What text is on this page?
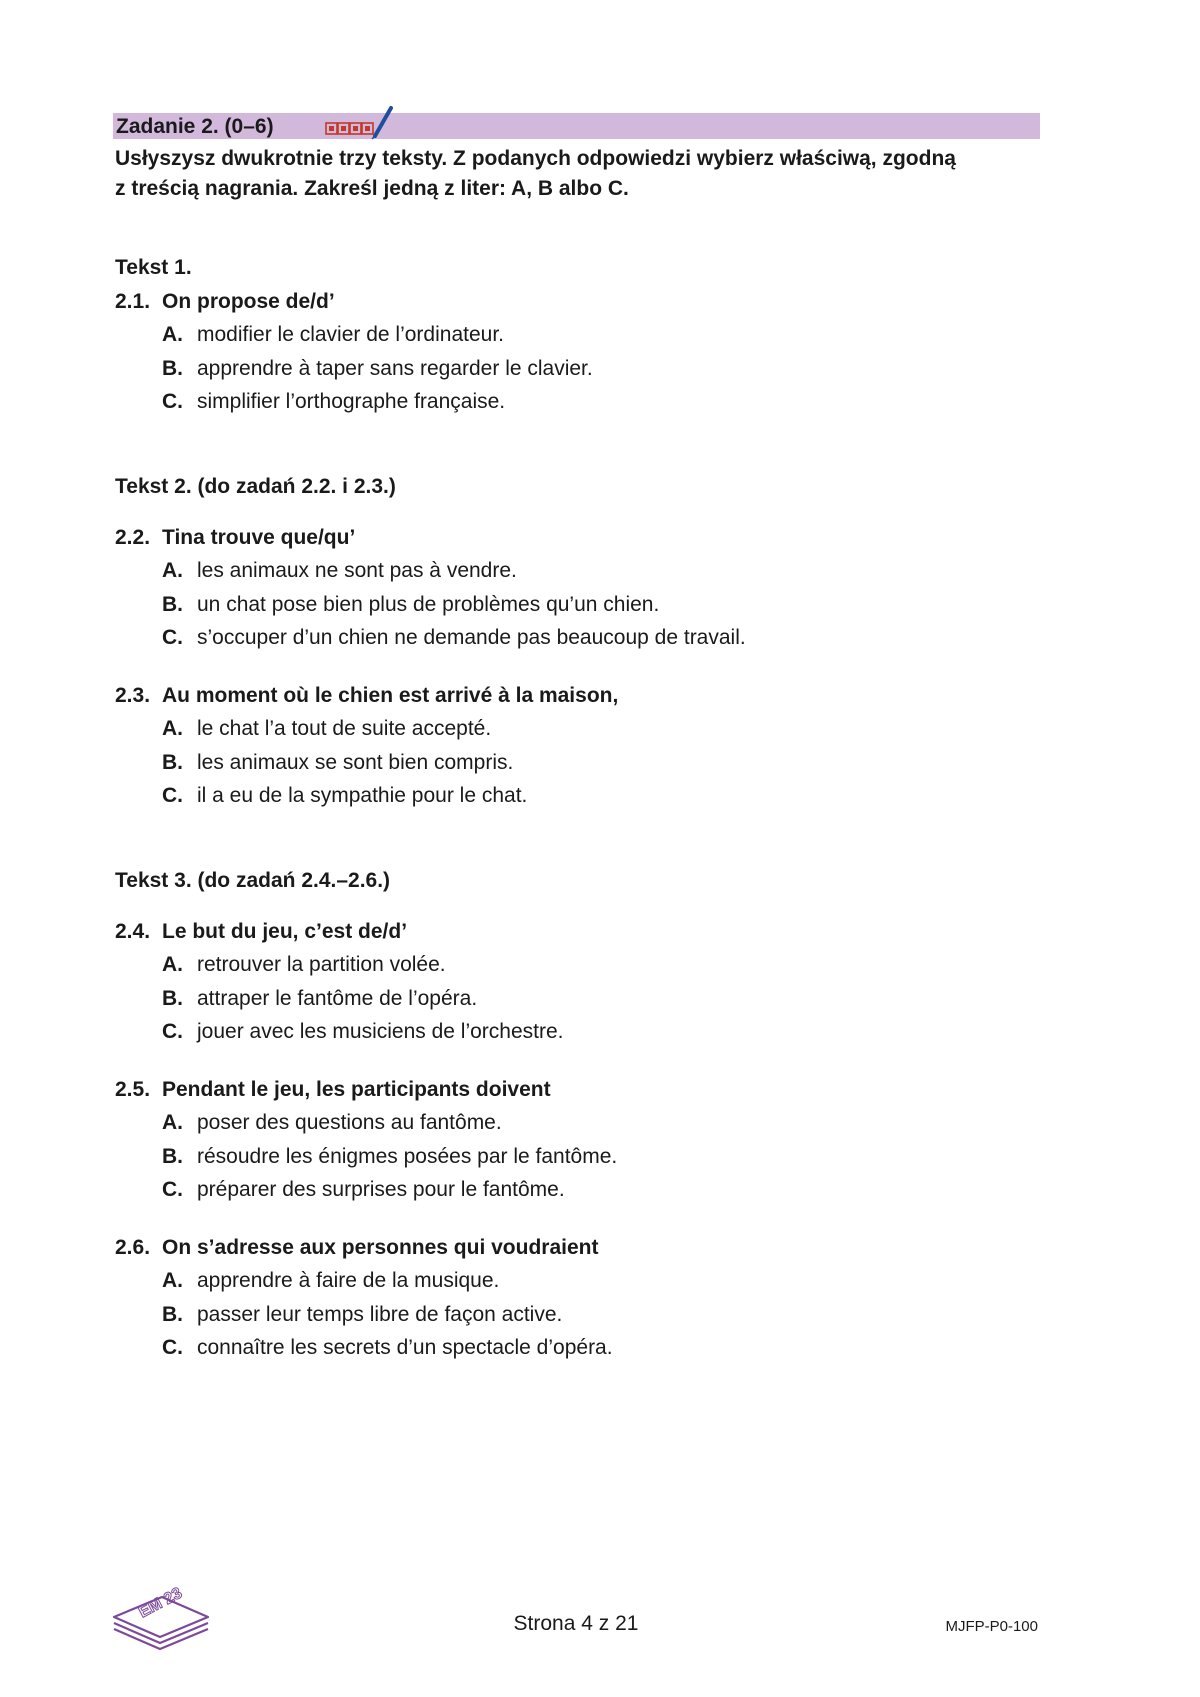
Zadanie 2. (0–6)
Usłyszysz dwukrotnie trzy teksty. Z podanych odpowiedzi wybierz właściwą, zgodną
z treścią nagrania. Zakreśl jedną z liter: A, B albo C.
Tekst 1.
2.1. On propose de/d’
A. modifier le clavier de l’ordinateur.
B. apprendre à taper sans regarder le clavier.
C. simplifier l’orthographe française.
Tekst 2. (do zadań 2.2. i 2.3.)
2.2. Tina trouve que/qu’
A. les animaux ne sont pas à vendre.
B. un chat pose bien plus de problèmes qu’un chien.
C. s’occuper d’un chien ne demande pas beaucoup de travail.
2.3. Au moment où le chien est arrivé à la maison,
A. le chat l’a tout de suite accepté.
B. les animaux se sont bien compris.
C. il a eu de la sympathie pour le chat.
Tekst 3. (do zadań 2.4.–2.6.)
2.4. Le but du jeu, c’est de/d’
A. retrouver la partition volée.
B. attraper le fantôme de l’opéra.
C. jouer avec les musiciens de l’orchestre.
2.5. Pendant le jeu, les participants doivent
A. poser des questions au fantôme.
B. résoudre les énigmes posées par le fantôme.
C. préparer des surprises pour le fantôme.
2.6. On s’adresse aux personnes qui voudraient
A. apprendre à faire de la musique.
B. passer leur temps libre de façon active.
C. connaître les secrets d’un spectacle d’opéra.
EM 23
Strona 4 z 21	MJFP-P0-100
